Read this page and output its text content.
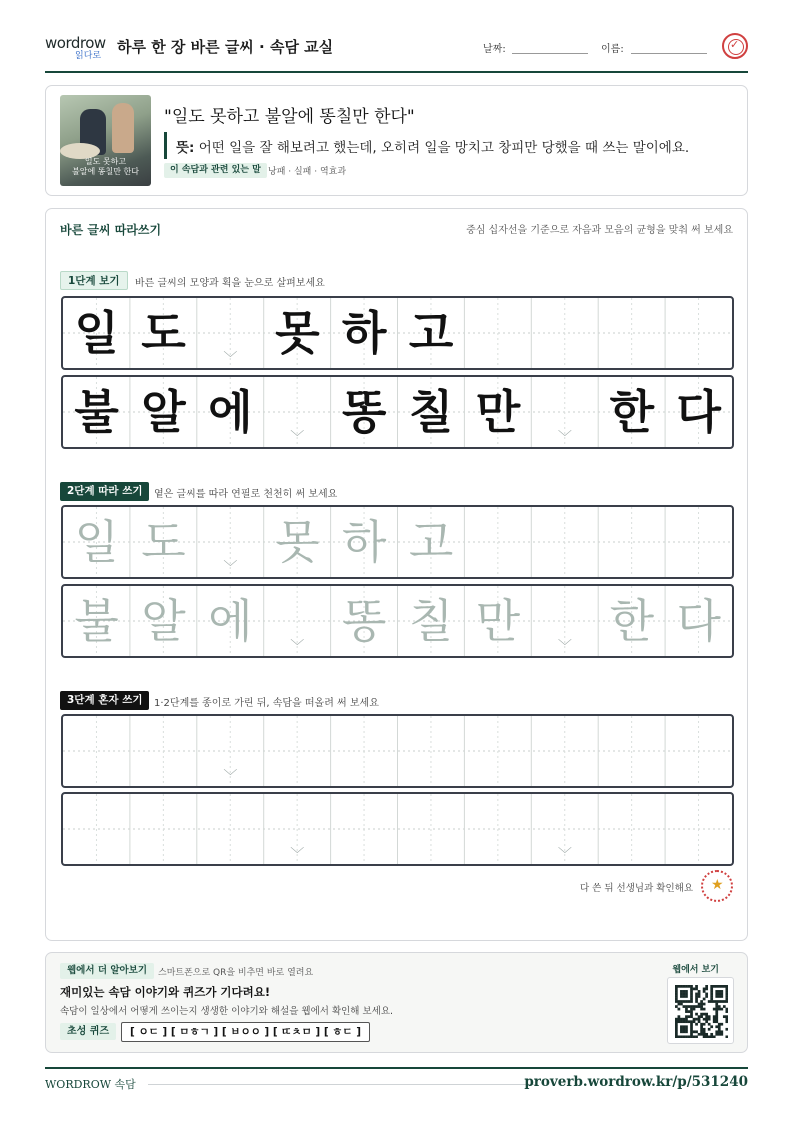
wordrow
읽다로 하루 한 장 바른 글씨 · 속담 교실	날짜:	이름:	✓
일도 못하고
불알에 똥칠만 한다
"일도 못하고 불알에 똥칠만 한다"
뜻: 어떤 일을 잘 해보려고 했는데, 오히려 일을 망치고 창피만 당했을 때 쓰는 말이에요.
이 속담과 관련 있는 말 낭패 · 실패 · 역효과
바른 글씨 따라쓰기	중심 십자선을 기준으로 자음과 모음의 균형을 맞춰 써 보세요
1단계 보기	바른 글씨의 모양과 획을 눈으로 살펴보세요
일 도 못 하 고
﹀
불 알 에 똥 칠 만 한 다
﹀	﹀
2단계 따라 쓰기	옅은 글씨를 따라 연필로 천천히 써 보세요
일 도 못 하 고
﹀
불 알 에 똥 칠 만 한 다
﹀	﹀
3단계 혼자 쓰기	1·2단계를 종이로 가린 뒤, 속담을 떠올려 써 보세요
﹀
﹀	﹀
다 쓴 뒤 선생님과 확인해요 ★
웹에서 더 알아보기	스마트폰으로 QR을 비추면 바로 열려요
재미있는 속담 이야기와 퀴즈가 기다려요!
속담이 일상에서 어떻게 쓰이는지 생생한 이야기와 해설을 웹에서 확인해 보세요.
초성 퀴즈	[ ㅇㄷ ] [ ㅁㅎㄱ ] [ ㅂㅇㅇ ] [ ㄸㅊㅁ ] [ ㅎㄷ ]
웹에서 보기
WORDROW 속담	proverb.wordrow.kr/p/531240
